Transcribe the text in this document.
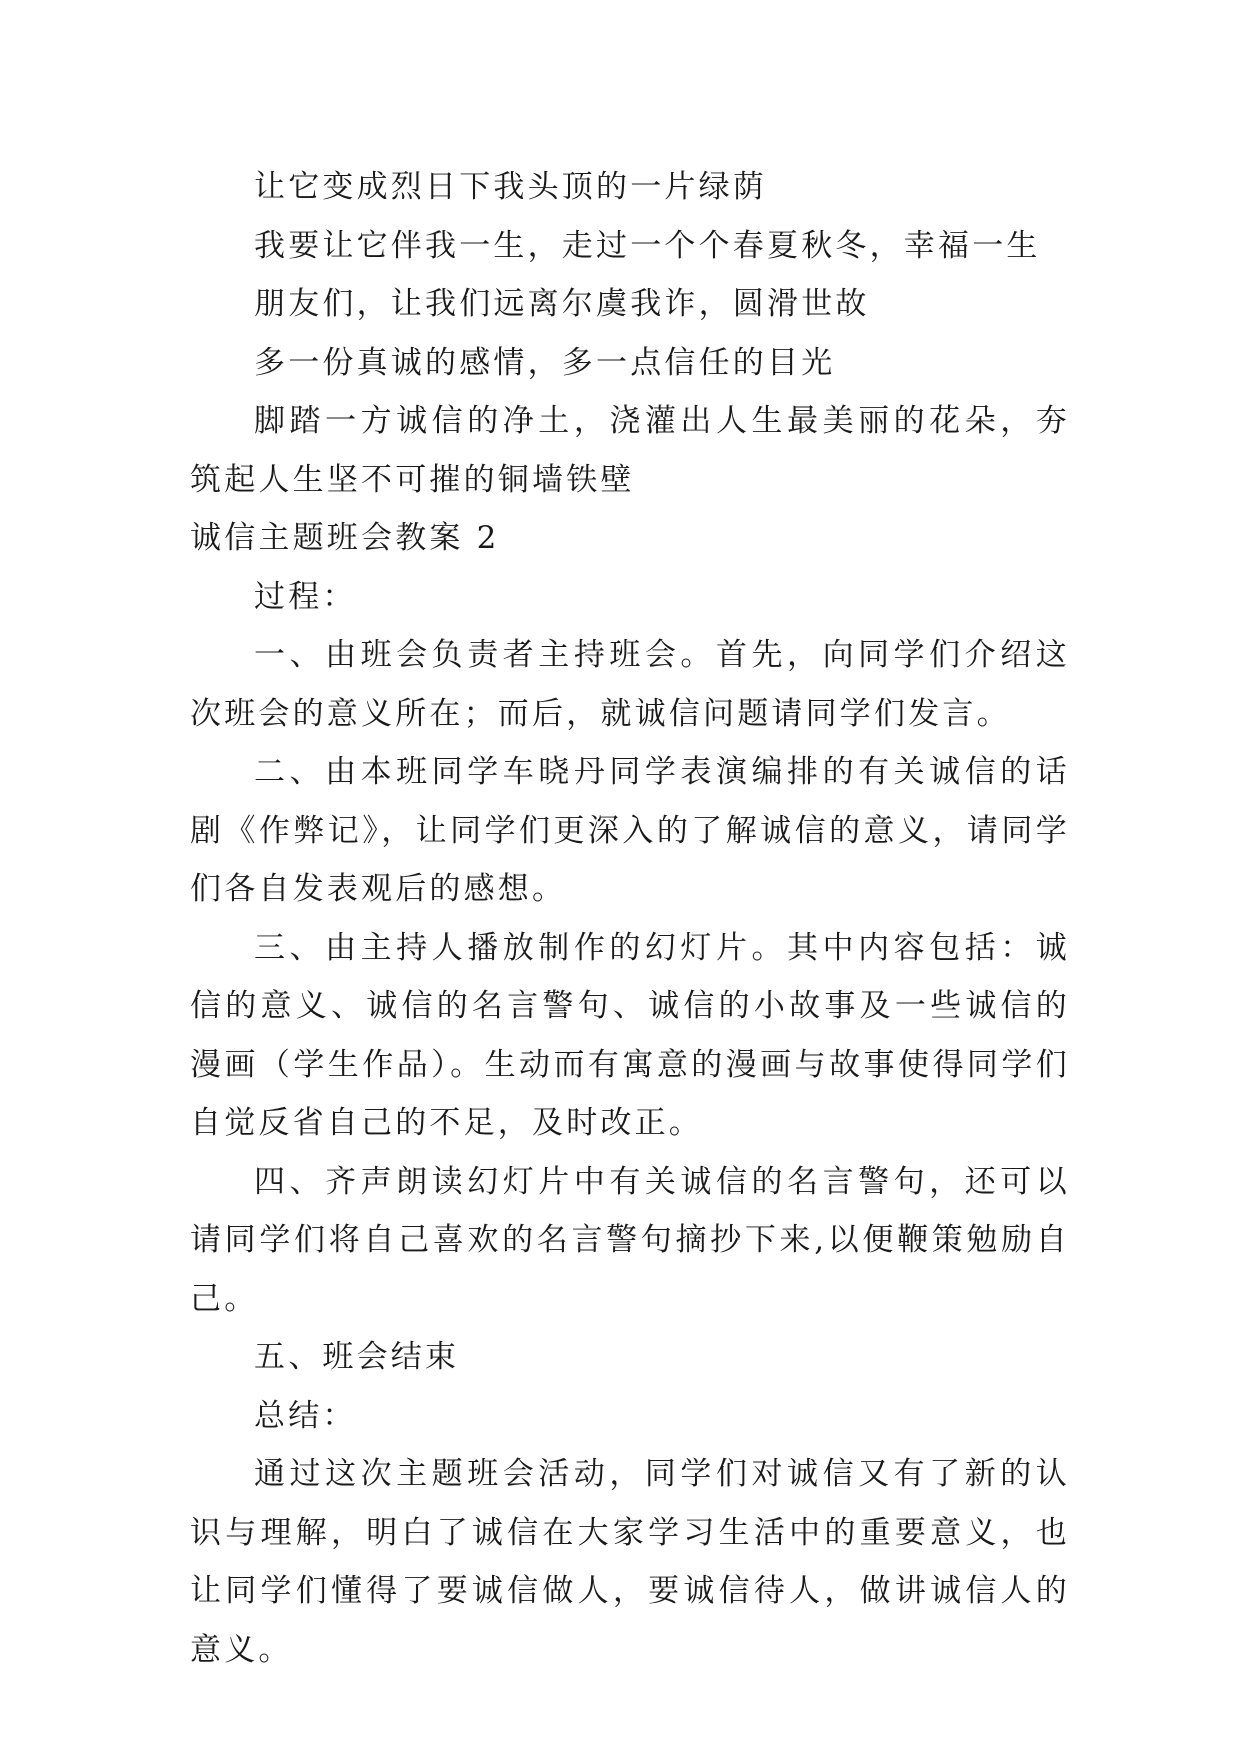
让它变成烈日下我头顶的一片绿荫

我要让它伴我一生，走过一个个春夏秋冬，幸福一生

朋友们，让我们远离尔虞我诈，圆滑世故

多一份真诚的感情，多一点信任的目光

脚踏一方诚信的净土，浇灌出人生最美丽的花朵，夯筑起人生坚不可摧的铜墙铁壁

诚信主题班会教案 2

过程：

一、由班会负责者主持班会。首先，向同学们介绍这次班会的意义所在；而后，就诚信问题请同学们发言。

二、由本班同学车晓丹同学表演编排的有关诚信的话剧《作弊记》，让同学们更深入的了解诚信的意义，请同学们各自发表观后的感想。

三、由主持人播放制作的幻灯片。其中内容包括：诚信的意义、诚信的名言警句、诚信的小故事及一些诚信的漫画（学生作品）。生动而有寓意的漫画与故事使得同学们自觉反省自己的不足，及时改正。

四、齐声朗读幻灯片中有关诚信的名言警句，还可以请同学们将自己喜欢的名言警句摘抄下来,以便鞭策勉励自己。

五、班会结束

总结：

通过这次主题班会活动，同学们对诚信又有了新的认识与理解，明白了诚信在大家学习生活中的重要意义，也让同学们懂得了要诚信做人，要诚信待人，做讲诚信人的意义。
